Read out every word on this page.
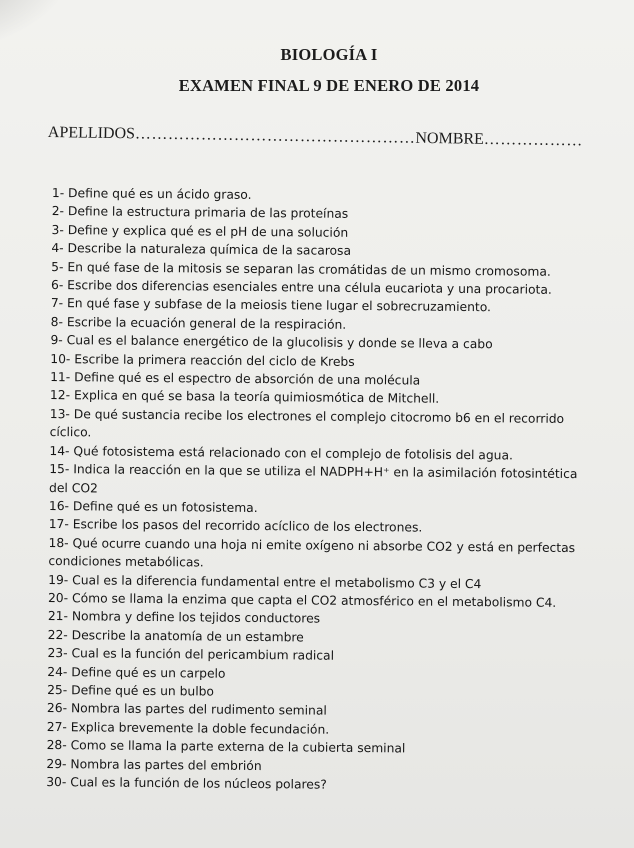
BIOLOGÍA I
EXAMEN FINAL 9 DE ENERO DE 2014
APELLIDOS……………………………………………NOMBRE………………
1- Define qué es un ácido graso.
2- Define la estructura primaria de las proteínas
3- Define y explica qué es el pH de una solución
4- Describe la naturaleza química de la sacarosa
5- En qué fase de la mitosis se separan las cromátidas de un mismo cromosoma.
6- Escribe dos diferencias esenciales entre una célula eucariota y una procariota.
7- En qué fase y subfase de la meiosis tiene lugar el sobrecruzamiento.
8- Escribe la ecuación general de la respiración.
9- Cual es el balance energético de la glucolisis y donde se lleva a cabo
10- Escribe la primera reacción del ciclo de Krebs
11- Define qué es el espectro de absorción de una molécula
12- Explica en qué se basa la teoría quimiosmótica de Mitchell.
13- De qué sustancia recibe los electrones el complejo citocromo b6 en el recorrido
cíclico.
14- Qué fotosistema está relacionado con el complejo de fotolisis del agua.
15- Indica la reacción en la que se utiliza el NADPH+H⁺ en la asimilación fotosintética
del CO2
16- Define qué es un fotosistema.
17- Escribe los pasos del recorrido acíclico de los electrones.
18- Qué ocurre cuando una hoja ni emite oxígeno ni absorbe CO2 y está en perfectas
condiciones metabólicas.
19- Cual es la diferencia fundamental entre el metabolismo C3 y el C4
20- Cómo se llama la enzima que capta el CO2 atmosférico en el metabolismo C4.
21- Nombra y define los tejidos conductores
22- Describe la anatomía de un estambre
23- Cual es la función del pericambium radical
24- Define qué es un carpelo
25- Define qué es un bulbo
26- Nombra las partes del rudimento seminal
27- Explica brevemente la doble fecundación.
28- Como se llama la parte externa de la cubierta seminal
29- Nombra las partes del embrión
30- Cual es la función de los núcleos polares?
